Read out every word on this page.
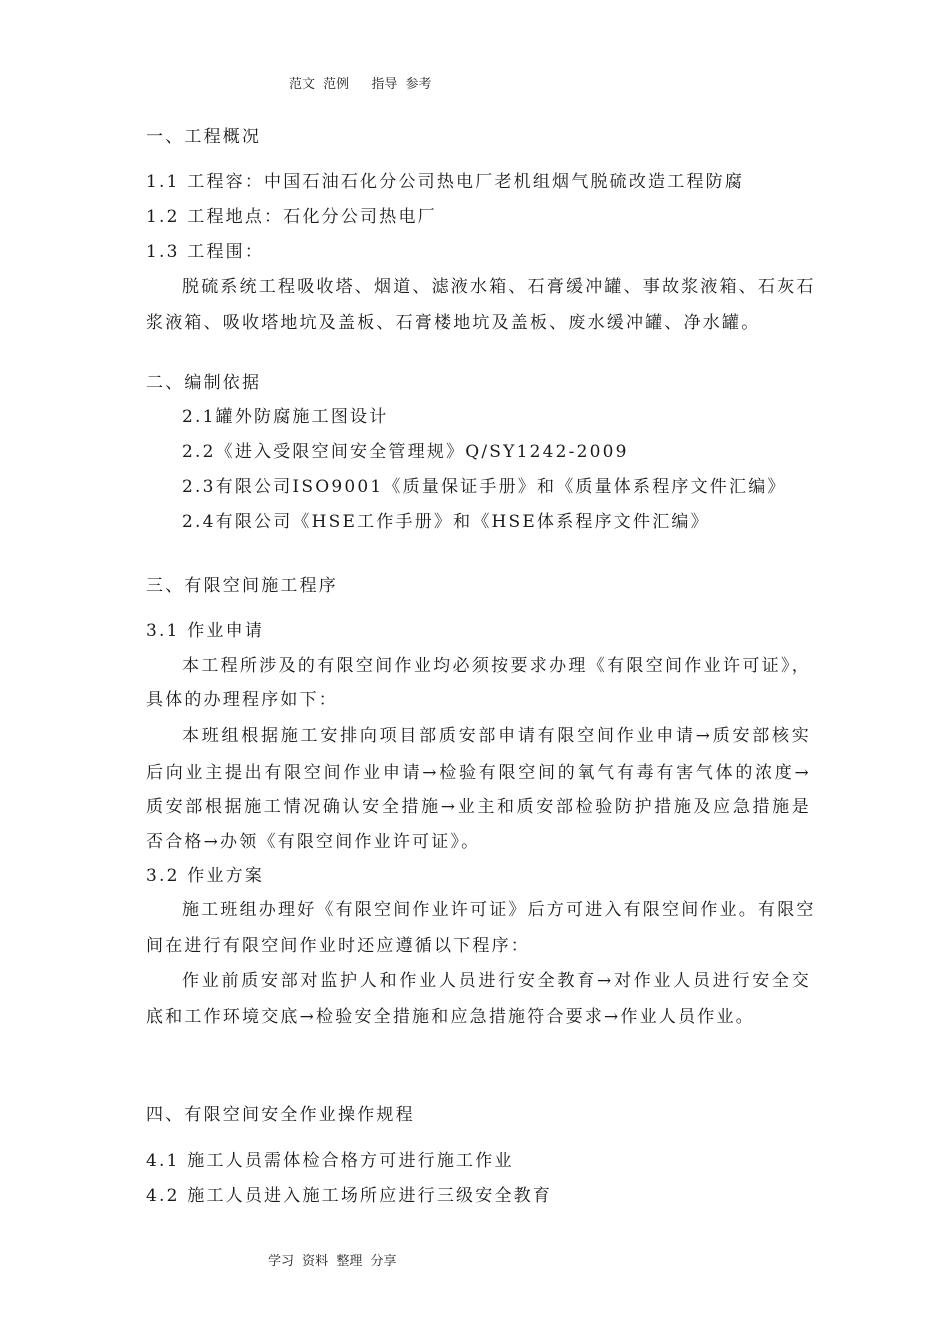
范文 范例 指导 参考
一、工程概况
1.1 工程容：中国石油石化分公司热电厂老机组烟气脱硫改造工程防腐
1.2 工程地点：石化分公司热电厂
1.3 工程围：
脱硫系统工程吸收塔、烟道、滤液水箱、石膏缓冲罐、事故浆液箱、石灰石
浆液箱、吸收塔地坑及盖板、石膏楼地坑及盖板、废水缓冲罐、净水罐。
二、编制依据
2.1罐外防腐施工图设计
2.2《进入受限空间安全管理规》Q/SY1242-2009
2.3有限公司ISO9001《质量保证手册》和《质量体系程序文件汇编》
2.4有限公司《HSE工作手册》和《HSE体系程序文件汇编》
三、有限空间施工程序
3.1 作业申请
本工程所涉及的有限空间作业均必须按要求办理《有限空间作业许可证》，
具体的办理程序如下：
本班组根据施工安排向项目部质安部申请有限空间作业申请→质安部核实
后向业主提出有限空间作业申请→检验有限空间的氧气有毒有害气体的浓度→
质安部根据施工情况确认安全措施→业主和质安部检验防护措施及应急措施是
否合格→办领《有限空间作业许可证》。
3.2 作业方案
施工班组办理好《有限空间作业许可证》后方可进入有限空间作业。有限空
间在进行有限空间作业时还应遵循以下程序：
作业前质安部对监护人和作业人员进行安全教育→对作业人员进行安全交
底和工作环境交底→检验安全措施和应急措施符合要求→作业人员作业。
四、有限空间安全作业操作规程
4.1 施工人员需体检合格方可进行施工作业
4.2 施工人员进入施工场所应进行三级安全教育
学习 资料 整理 分享
